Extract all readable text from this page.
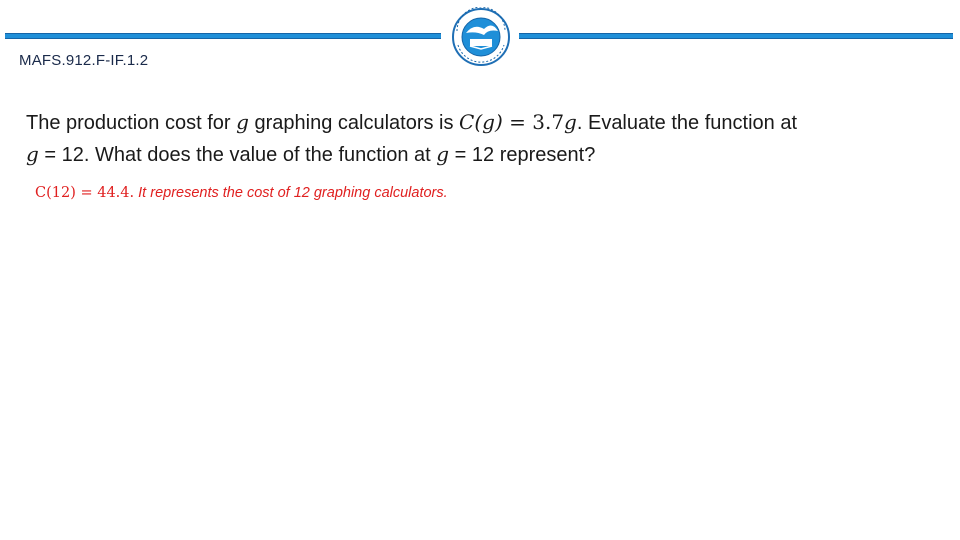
MAFS.912.F-IF.1.2
The production cost for g graphing calculators is C(g) = 3.7g. Evaluate the function at
g = 12. What does the value of the function at g = 12 represent?
C(12) = 44.4. It represents the cost of 12 graphing calculators.
